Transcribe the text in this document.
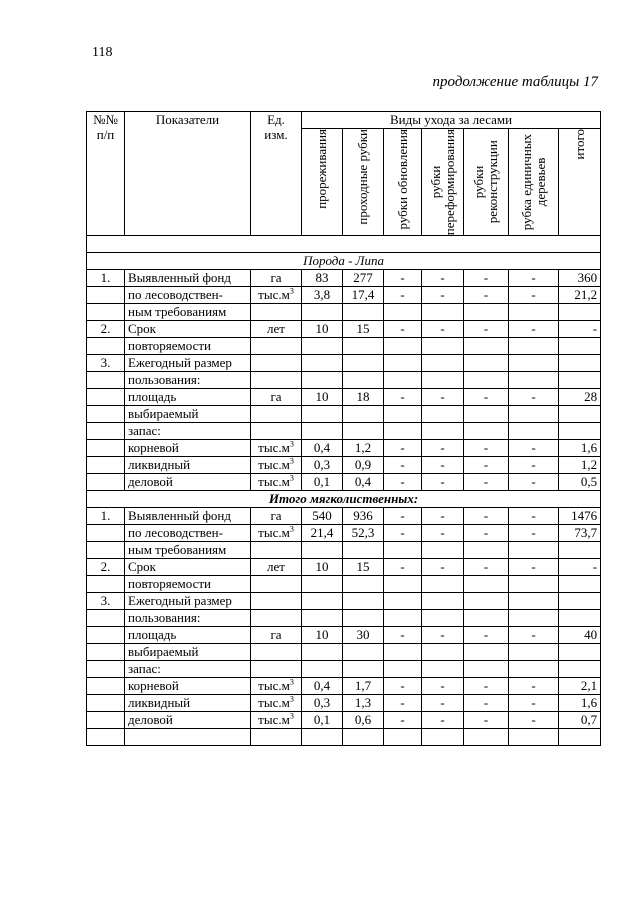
118
продолжение таблицы 17
№№ п/п	Показатели	Ед. изм.	Виды ухода за лесами						

			прореживания	проходные рубки	рубки обновления	рубки переформирования	рубки реконструкции	рубка единичных деревьев	итого

Порода - Липа									
1.	Выявленный фонд	га	83	277	-	-	-	-	360
	по лесоводствен-	$тыс.м^3$	3,8	17,4	-	-	-	-	21,2
	ным требованиям								
2.	Срок	лет	10	15	-	-	-	-	-
	повторяемости								
3.	Ежегодный размер								
	пользования:								
	площадь	га	10	18	-	-	-	-	28
	выбираемый								
	запас:								
	корневой	$тыс.м^3$	0,4	1,2	-	-	-	-	1,6
	ликвидный	$тыс.м^3$	0,3	0,9	-	-	-	-	1,2
	деловой	$тыс.м^3$	0,1	0,4	-	-	-	-	0,5
Итого мягколиственных:									
1.	Выявленный фонд	га	540	936	-	-	-	-	1476
	по лесоводствен-	$тыс.м^3$	21,4	52,3	-	-	-	-	73,7
	ным требованиям								
2.	Срок	лет	10	15	-	-	-	-	-
	повторяемости								
3.	Ежегодный размер								
	пользования:								
	площадь	га	10	30	-	-	-	-	40
	выбираемый								
	запас:								
	корневой	$тыс.м^3$	0,4	1,7	-	-	-	-	2,1
	ликвидный	$тыс.м^3$	0,3	1,3	-	-	-	-	1,6
	деловой	$тыс.м^3$	0,1	0,6	-	-	-	-	0,7
